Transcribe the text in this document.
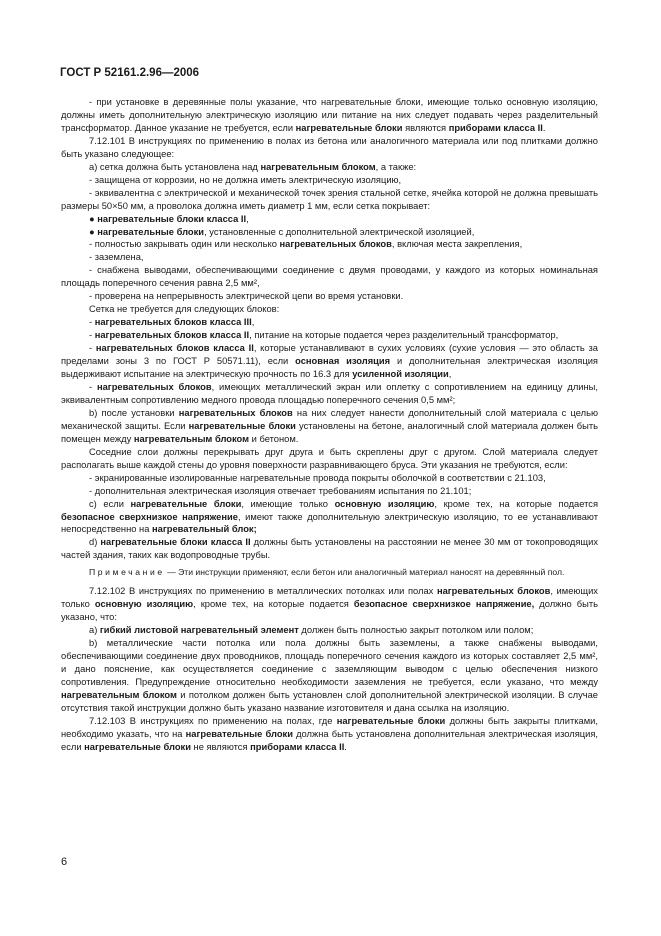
ГОСТ Р 52161.2.96—2006

- при установке в деревянные полы указание, что нагревательные блоки, имеющие только основную изоляцию, должны иметь дополнительную электрическую изоляцию или питание на них следует подавать через разделительный трансформатор. Данное указание не требуется, если нагревательные блоки являются приборами класса II.

7.12.101 В инструкциях по применению в полах из бетона или аналогичного материала или под плитками должно быть указано следующее:

а) сетка должна быть установлена над нагревательным блоком, а также:

- защищена от коррозии, но не должна иметь электрическую изоляцию,

- эквивалентна с электрической и механической точек зрения стальной сетке, ячейка которой не должна превышать размеры 50×50 мм, а проволока должна иметь диаметр 1 мм, если сетка покрывает:

● нагревательные блоки класса II,

● нагревательные блоки, установленные с дополнительной электрической изоляцией,

- полностью закрывать один или несколько нагревательных блоков, включая места закрепления,

- заземлена,

- снабжена выводами, обеспечивающими соединение с двумя проводами, у каждого из которых номинальная площадь поперечного сечения равна 2,5 мм²,

- проверена на непрерывность электрической цепи во время установки.

Сетка не требуется для следующих блоков:

- нагревательных блоков класса III,

- нагревательных блоков класса II, питание на которые подается через разделительный трансформатор,

- нагревательных блоков класса II, которые устанавливают в сухих условиях (сухие условия — это область за пределами зоны 3 по ГОСТ Р 50571.11), если основная изоляция и дополнительная электрическая изоляция выдерживают испытание на электрическую прочность по 16.3 для усиленной изоляции,

- нагревательных блоков, имеющих металлический экран или оплетку с сопротивлением на единицу длины, эквивалентным сопротивлению медного провода площадью поперечного сечения 0,5 мм²;

b) после установки нагревательных блоков на них следует нанести дополнительный слой материала с целью механической защиты. Если нагревательные блоки установлены на бетоне, аналогичный слой материала должен быть помещен между нагревательным блоком и бетоном.

Соседние слои должны перекрывать друг друга и быть скреплены друг с другом. Слой материала следует располагать выше каждой стены до уровня поверхности разравнивающего бруса. Эти указания не требуются, если:

- экранированные изолированные нагревательные провода покрыты оболочкой в соответствии с 21.103,

- дополнительная электрическая изоляция отвечает требованиям испытания по 21.101;

c) если нагревательные блоки, имеющие только основную изоляцию, кроме тех, на которые подается безопасное сверхнизкое напряжение, имеют также дополнительную электрическую изоляцию, то ее устанавливают непосредственно на нагревательный блок;

d) нагревательные блоки класса II должны быть установлены на расстоянии не менее 30 мм от токопроводящих частей здания, таких как водопроводные трубы.

Примечание — Эти инструкции применяют, если бетон или аналогичный материал наносят на деревянный пол.

7.12.102 В инструкциях по применению в металлических потолках или полах нагревательных блоков, имеющих только основную изоляцию, кроме тех, на которые подается безопасное сверхнизкое напряжение, должно быть указано, что:

а) гибкий листовой нагревательный элемент должен быть полностью закрыт потолком или полом;

b) металлические части потолка или пола должны быть заземлены, а также снабжены выводами, обеспечивающими соединение двух проводников, площадь поперечного сечения каждого из которых составляет 2,5 мм², и дано пояснение, как осуществляется соединение с заземляющим выводом с целью обеспечения низкого сопротивления. Предупреждение относительно необходимости заземления не требуется, если указано, что между нагревательным блоком и потолком должен быть установлен слой дополнительной электрической изоляции. В случае отсутствия такой инструкции должно быть указано название изготовителя и дана ссылка на изоляцию.

7.12.103 В инструкциях по применению на полах, где нагревательные блоки должны быть закрыты плитками, необходимо указать, что на нагревательные блоки должна быть установлена дополнительная электрическая изоляция, если нагревательные блоки не являются приборами класса II.

6
